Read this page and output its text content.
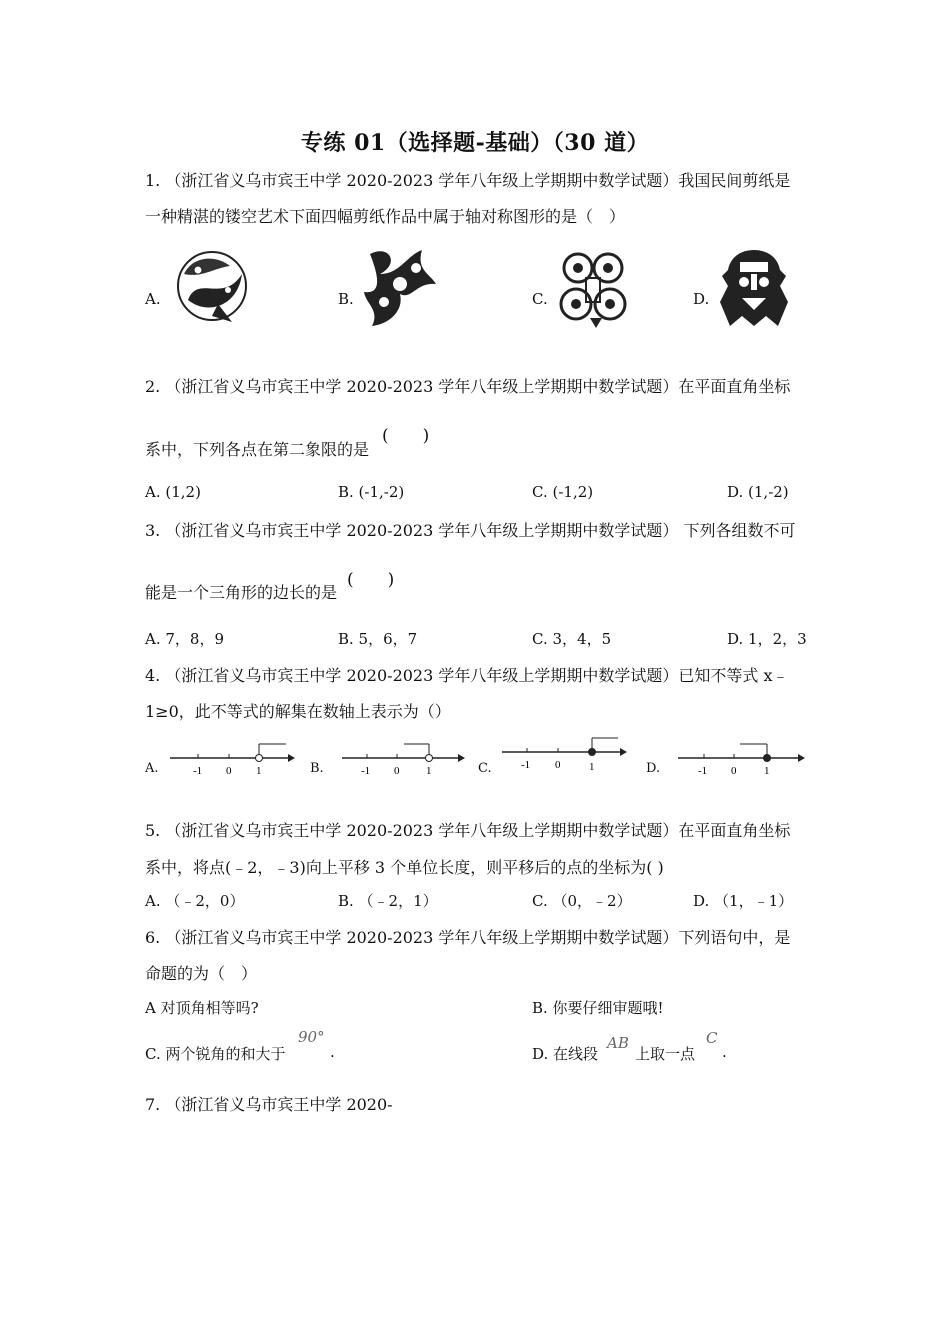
专练 01（选择题-基础）（30 道）
1. （浙江省义乌市宾王中学 2020-2023 学年八年级上学期期中数学试题）我国民间剪纸是
一种精湛的镂空艺术下面四幅剪纸作品中属于轴对称图形的是（　）
A.	B.	C.	D.
2. （浙江省义乌市宾王中学 2020-2023 学年八年级上学期期中数学试题）在平面直角坐标
系中，下列各点在第二象限的是
(　　)
A. (1,2)	B. (-1,-2)	C. (-1,2)	D. (1,-2)
3. （浙江省义乌市宾王中学 2020-2023 学年八年级上学期期中数学试题） 下列各组数不可
能是一个三角形的边长的是
(　　)
A. 7，8，9	B. 5，6，7	C. 3，4，5	D. 1，2，3
4. （浙江省义乌市宾王中学 2020-2023 学年八年级上学期期中数学试题）已知不等式 x﹣
1≥0，此不等式的解集在数轴上表示为（）
A.	-1 0 1	B.	-1 0 1	C.	-1 0	1	D.	-1 0	1
5. （浙江省义乌市宾王中学 2020-2023 学年八年级上学期期中数学试题）在平面直角坐标
系中，将点(﹣2，﹣3)向上平移 3 个单位长度，则平移后的点的坐标为( )
A. （﹣2，0）	B. （﹣2，1）	C. （0，﹣2）	D. （1，﹣1）
6. （浙江省义乌市宾王中学 2020-2023 学年八年级上学期期中数学试题）下列语句中，是
命题的为（　）
A 对顶角相等吗?	B. 你要仔细审题哦!
C. 两个锐角的和大于
90°
.	D. 在线段
AB
上取一点
C
.
7. （浙江省义乌市宾王中学 2020-
